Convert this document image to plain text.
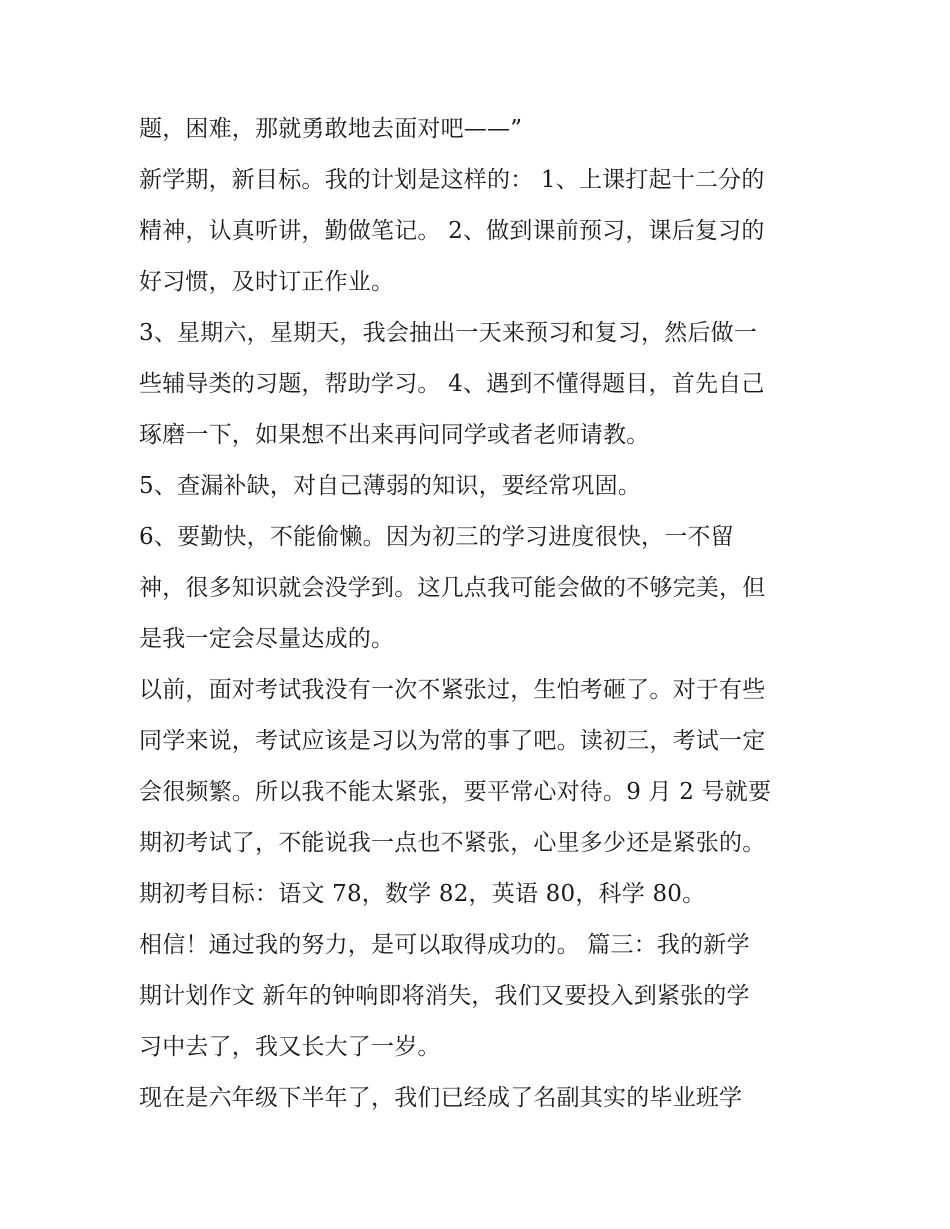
题，困难，那就勇敢地去面对吧——”
新学期，新目标。我的计划是这样的： 1、上课打起十二分的
精神，认真听讲，勤做笔记。 2、做到课前预习，课后复习的
好习惯，及时订正作业。
3、星期六，星期天，我会抽出一天来预习和复习，然后做一
些辅导类的习题，帮助学习。 4、遇到不懂得题目，首先自己
琢磨一下，如果想不出来再问同学或者老师请教。
5、查漏补缺，对自己薄弱的知识，要经常巩固。
6、要勤快，不能偷懒。因为初三的学习进度很快，一不留
神，很多知识就会没学到。这几点我可能会做的不够完美，但
是我一定会尽量达成的。
以前，面对考试我没有一次不紧张过，生怕考砸了。对于有些
同学来说，考试应该是习以为常的事了吧。读初三，考试一定
会很频繁。所以我不能太紧张，要平常心对待。9 月 2 号就要
期初考试了，不能说我一点也不紧张，心里多少还是紧张的。
期初考目标：语文 78，数学 82，英语 80，科学 80。
相信！通过我的努力，是可以取得成功的。 篇三：我的新学
期计划作文 新年的钟响即将消失，我们又要投入到紧张的学
习中去了，我又长大了一岁。
现在是六年级下半年了，我们已经成了名副其实的毕业班学
